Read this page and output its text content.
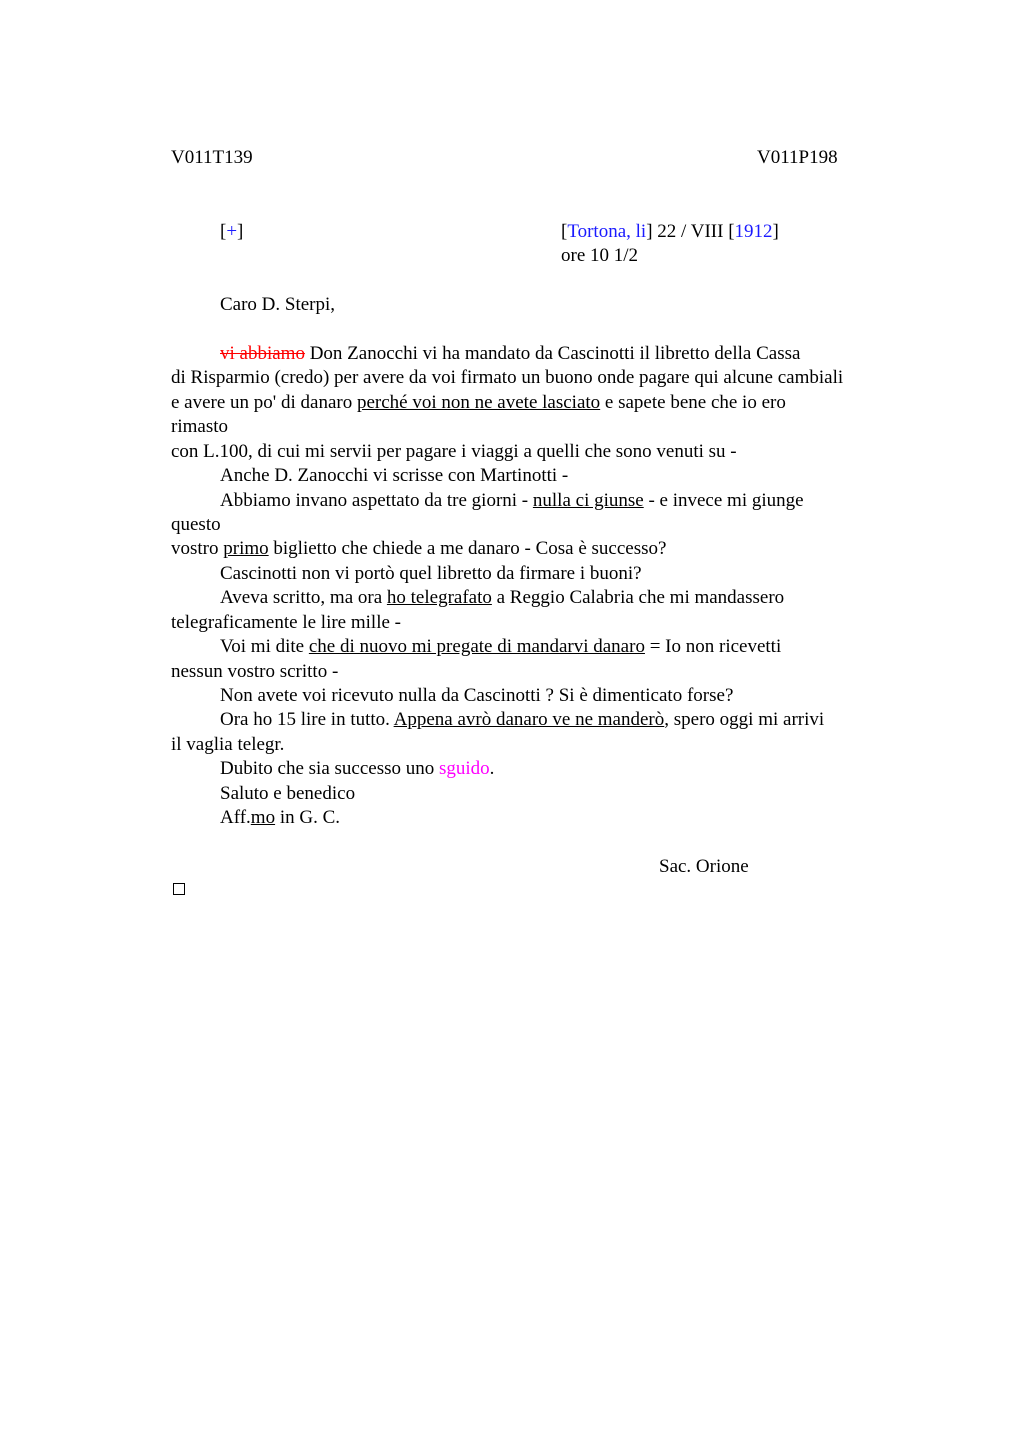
V011T139	V011P198
[+]	[Tortona, li] 22 / VIII [1912]
ore 10 1/2
Caro D. Sterpi,
vi abbiamo Don Zanocchi vi ha mandato da Cascinotti il libretto della Cassa
di Risparmio (credo) per avere da voi firmato un buono onde pagare qui alcune cambiali
e avere un po' di danaro perché voi non ne avete lasciato e sapete bene che io ero
rimasto
con L.100, di cui mi servii per pagare i viaggi a quelli che sono venuti su -
Anche D. Zanocchi vi scrisse con Martinotti -
Abbiamo invano aspettato da tre giorni - nulla ci giunse - e invece mi giunge
questo
vostro primo biglietto che chiede a me danaro - Cosa è successo?
Cascinotti non vi portò quel libretto da firmare i buoni?
Aveva scritto, ma ora ho telegrafato a Reggio Calabria che mi mandassero
telegraficamente le lire mille -
Voi mi dite che di nuovo mi pregate di mandarvi danaro = Io non ricevetti
nessun vostro scritto -
Non avete voi ricevuto nulla da Cascinotti ? Si è dimenticato forse?
Ora ho 15 lire in tutto. Appena avrò danaro ve ne manderò, spero oggi mi arrivi
il vaglia telegr.
Dubito che sia successo uno sguido.
Saluto e benedico
Aff.mo in G. C.
Sac. Orione
